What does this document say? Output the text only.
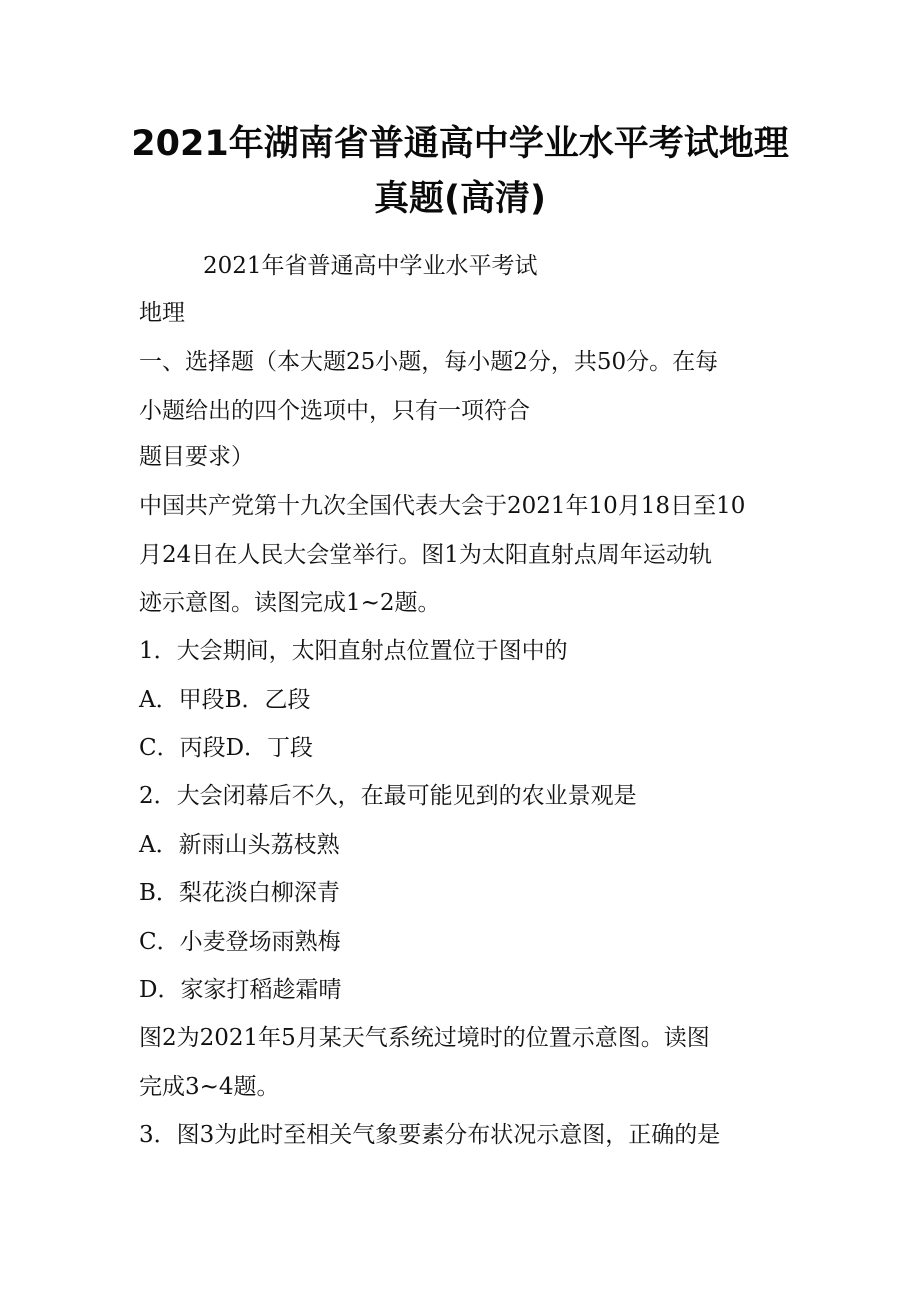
2021年湖南省普通高中学业水平考试地理
真题(高清)
2021年省普通高中学业水平考试
地理
一、选择题（本大题25小题，每小题2分，共50分。在每
小题给出的四个选项中，只有一项符合
题目要求）
中国共产党第十九次全国代表大会于2021年10月18日至10
月24日在人民大会堂举行。图1为太阳直射点周年运动轨
迹示意图。读图完成1~2题。
1．大会期间，太阳直射点位置位于图中的
A．甲段B．乙段
C．丙段D．丁段
2．大会闭幕后不久，在最可能见到的农业景观是
A．新雨山头荔枝熟
B．梨花淡白柳深青
C．小麦登场雨熟梅
D．家家打稻趁霜晴
图2为2021年5月某天气系统过境时的位置示意图。读图
完成3~4题。
3．图3为此时至相关气象要素分布状况示意图，正确的是
